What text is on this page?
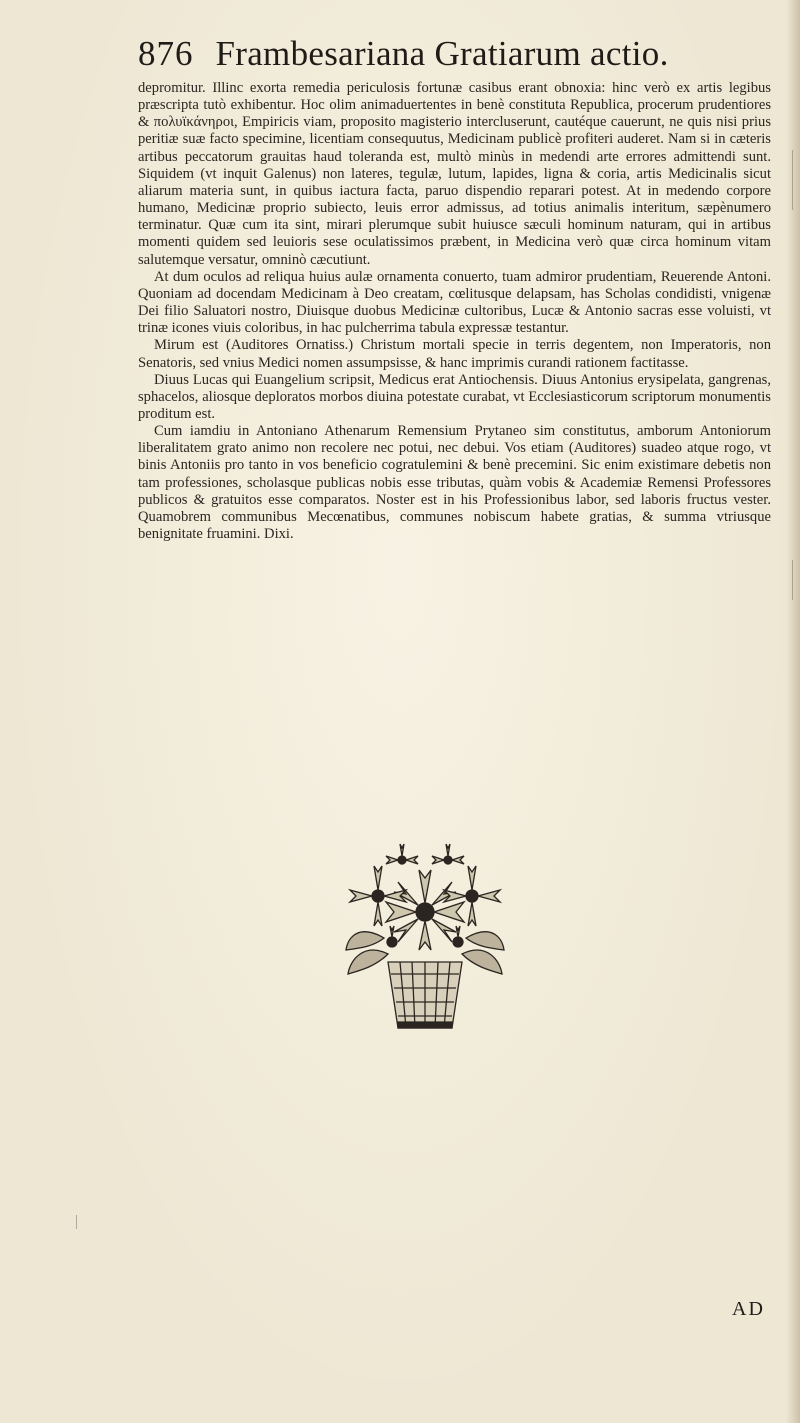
876 Frambesariana Gratiarum actio.

depromitur. Illinc exorta remedia periculosis fortunæ casibus erant obnoxia: hinc verò ex artis legibus præscripta tutò exhibentur. Hoc olim animaduertentes in benè constituta Republica, procerum prudentiores & πολυϊκάνηροι, Empiricis viam, proposito magisterio intercluserunt, cautéque cauerunt, ne quis nisi prius peritiæ suæ facto specimine, licentiam consequutus, Medicinam publicè profiteri auderet. Nam si in cæteris artibus peccatorum grauitas haud toleranda est, multò minùs in medendi arte errores admittendi sunt. Siquidem (vt inquit Galenus) non lateres, tegulæ, lutum, lapides, ligna & coria, artis Medicinalis sicut aliarum materia sunt, in quibus iactura facta, paruo dispendio reparari potest. At in medendo corpore humano, Medicinæ proprio subiecto, leuis error admissus, ad totius animalis interitum, sæpènumero terminatur. Quæ cum ita sint, mirari plerumque subit huiusce sæculi hominum naturam, qui in artibus momenti quidem sed leuioris sese oculatissimos præbent, in Medicina verò quæ circa hominum vitam salutemque versatur, omninò cæcutiunt.

At dum oculos ad reliqua huius aulæ ornamenta conuerto, tuam admiror prudentiam, Reuerende Antoni. Quoniam ad docendam Medicinam à Deo creatam, cœlitusque delapsam, has Scholas condidisti, vnigenæ Dei filio Saluatori nostro, Diuisque duobus Medicinæ cultoribus, Lucæ & Antonio sacras esse voluisti, vt trinæ icones viuis coloribus, in hac pulcherrima tabula expressæ testantur.

Mirum est (Auditores Ornatiss.) Christum mortali specie in terris degentem, non Imperatoris, non Senatoris, sed vnius Medici nomen assumpsisse, & hanc imprimis curandi rationem factitasse.

Diuus Lucas qui Euangelium scripsit, Medicus erat Antiochensis. Diuus Antonius erysipelata, gangrenas, sphacelos, aliosque deploratos morbos diuina potestate curabat, vt Ecclesiasticorum scriptorum monumentis proditum est.

Cum iamdiu in Antoniano Athenarum Remensium Prytaneo sim constitutus, amborum Antoniorum liberalitatem grato animo non recolere nec potui, nec debui. Vos etiam (Auditores) suadeo atque rogo, vt binis Antoniis pro tanto in vos beneficio cogratulemini & benè precemini. Sic enim existimare debetis non tam professiones, scholasque publicas nobis esse tributas, quàm vobis & Academiæ Remensi Professores publicos & gratuitos esse comparatos. Noster est in his Professionibus labor, sed laboris fructus vester. Quamobrem communibus Mecœnatibus, communes nobiscum habete gratias, & summa vtriusque benignitate fruamini. Dixi.

AD
